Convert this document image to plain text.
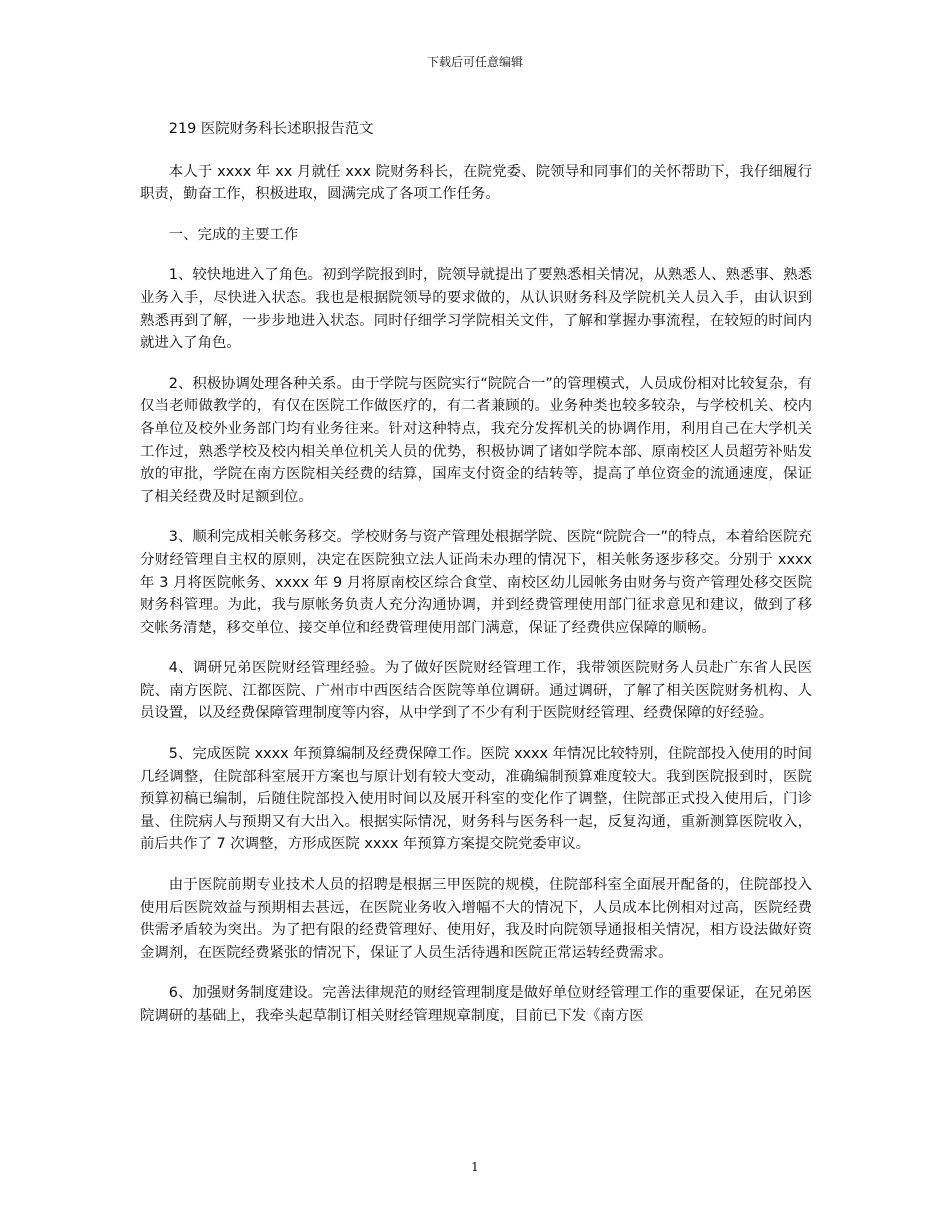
下载后可任意编辑

219 医院财务科长述职报告范文

本人于 xxxx 年 xx 月就任 xxx 院财务科长，在院党委、院领导和同事们的关怀帮助下，我仔细履行职责，勤奋工作，积极进取，圆满完成了各项工作任务。

一、完成的主要工作

1、较快地进入了角色。初到学院报到时，院领导就提出了要熟悉相关情况，从熟悉人、熟悉事、熟悉业务入手，尽快进入状态。我也是根据院领导的要求做的，从认识财务科及学院机关人员入手，由认识到熟悉再到了解，一步步地进入状态。同时仔细学习学院相关文件，了解和掌握办事流程，在较短的时间内就进入了角色。

2、积极协调处理各种关系。由于学院与医院实行“院院合一”的管理模式，人员成份相对比较复杂，有仅当老师做教学的，有仅在医院工作做医疗的，有二者兼顾的。业务种类也较多较杂，与学校机关、校内各单位及校外业务部门均有业务往来。针对这种特点，我充分发挥机关的协调作用，利用自己在大学机关工作过，熟悉学校及校内相关单位机关人员的优势，积极协调了诸如学院本部、原南校区人员超劳补贴发放的审批，学院在南方医院相关经费的结算，国库支付资金的结转等，提高了单位资金的流通速度，保证了相关经费及时足额到位。

3、顺利完成相关帐务移交。学校财务与资产管理处根据学院、医院“院院合一”的特点，本着给医院充分财经管理自主权的原则，决定在医院独立法人证尚未办理的情况下，相关帐务逐步移交。分别于 xxxx 年 3 月将医院帐务、xxxx 年 9 月将原南校区综合食堂、南校区幼儿园帐务由财务与资产管理处移交医院财务科管理。为此，我与原帐务负责人充分沟通协调，并到经费管理使用部门征求意见和建议，做到了移交帐务清楚，移交单位、接交单位和经费管理使用部门满意，保证了经费供应保障的顺畅。

4、调研兄弟医院财经管理经验。为了做好医院财经管理工作，我带领医院财务人员赴广东省人民医院、南方医院、江都医院、广州市中西医结合医院等单位调研。通过调研，了解了相关医院财务机构、人员设置，以及经费保障管理制度等内容，从中学到了不少有利于医院财经管理、经费保障的好经验。

5、完成医院 xxxx 年预算编制及经费保障工作。医院 xxxx 年情况比较特别，住院部投入使用的时间几经调整，住院部科室展开方案也与原计划有较大变动，准确编制预算难度较大。我到医院报到时，医院预算初稿已编制，后随住院部投入使用时间以及展开科室的变化作了调整，住院部正式投入使用后，门诊量、住院病人与预期又有大出入。根据实际情况，财务科与医务科一起，反复沟通，重新测算医院收入，前后共作了 7 次调整，方形成医院 xxxx 年预算方案提交院党委审议。

由于医院前期专业技术人员的招聘是根据三甲医院的规模，住院部科室全面展开配备的，住院部投入使用后医院效益与预期相去甚远，在医院业务收入增幅不大的情况下，人员成本比例相对过高，医院经费供需矛盾较为突出。为了把有限的经费管理好、使用好，我及时向院领导通报相关情况，相方设法做好资金调剂，在医院经费紧张的情况下，保证了人员生活待遇和医院正常运转经费需求。

6、加强财务制度建设。完善法律规范的财经管理制度是做好单位财经管理工作的重要保证，在兄弟医院调研的基础上，我牵头起草制订相关财经管理规章制度，目前已下发《南方医

1
